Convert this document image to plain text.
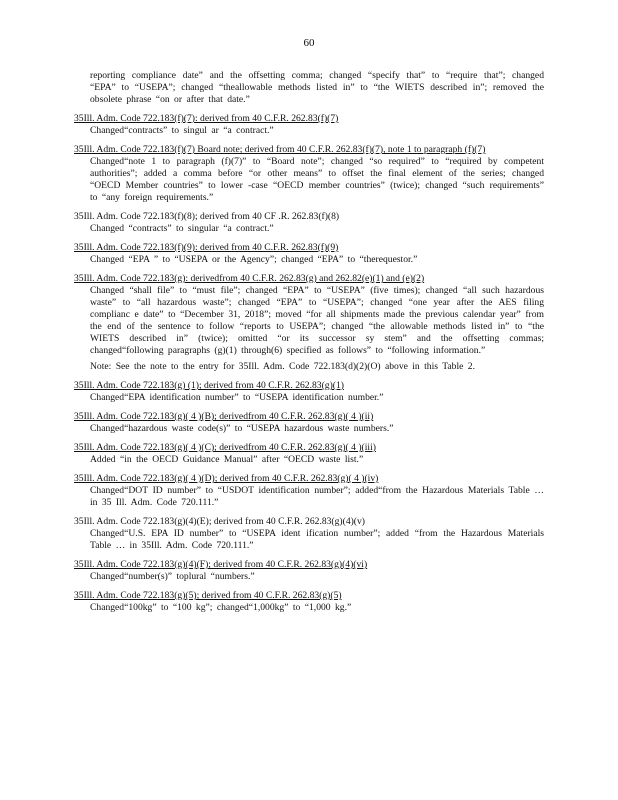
60
reporting compliance date” and the offsetting comma; changed “specify that” to “require that”; changed “EPA” to “USEPA”; changed “theallowable methods listed in” to “the WIETS described in”; removed the obsolete phrase “on or after that date.”
35Ill. Adm. Code 722.183(f)(7): derived from 40 C.F.R. 262.83(f)(7)
Changed“contracts” to singul ar “a contract.”
35Ill. Adm. Code 722.183(f)(7) Board note; derived from 40 C.F.R. 262.83(f)(7), note 1 to paragraph (f)(7)
Changed“note 1 to paragraph (f)(7)” to “Board note”; changed “so required” to “required by competent authorities”; added a comma before “or other means” to offset the final element of the series; changed “OECD Member countries” to lower -case “OECD member countries” (twice); changed “such requirements” to “any foreign requirements.”
35Ill. Adm. Code 722.183(f)(8); derived from 40 CF .R. 262.83(f)(8)
Changed “contracts” to singular “a contract.”
35Ill. Adm. Code 722.183(f)(9): derived from 40 C.F.R. 262.83(f)(9)
Changed “EPA ” to “USEPA or the Agency”; changed “EPA” to “therequestor.”
35Ill. Adm. Code 722.183(g): derivedfrom 40 C.F.R. 262.83(g) and 262.82(e)(1) and (e)(2)
Changed “shall file” to “must file”; changed “EPA” to “USEPA” (five times); changed “all such hazardous waste” to “all hazardous waste”; changed “EPA” to “USEPA”; changed “one year after the AES filing complianc e date” to “December 31, 2018”; moved “for all shipments made the previous calendar year” from the end of the sentence to follow “reports to USEPA”; changed “the allowable methods listed in” to “the WIETS described in” (twice); omitted “or its successor sy stem” and the offsetting commas; changed“following paragraphs (g)(1) through(6) specified as follows” to “following information.”
Note: See the note to the entry for 35Ill. Adm. Code 722.183(d)(2)(O) above in this Table 2.
35Ill. Adm. Code 722.183(g) (1); derived from 40 C.F.R. 262.83(g)(1)
Changed“EPA identification number” to “USEPA identification number.”
35Ill. Adm. Code 722.183(g)( 4 )(B); derivedfrom 40 C.F.R. 262.83(g)( 4 )(ii)
Changed“hazardous waste code(s)” to “USEPA hazardous waste numbers.”
35Ill. Adm. Code 722.183(g)( 4 )(C); derivedfrom 40 C.F.R. 262.83(g)( 4 )(iii)
Added “in the OECD Guidance Manual” after “OECD waste list.”
35Ill. Adm. Code 722.183(g)( 4 )(D); derived from 40 C.F.R. 262.83(g)( 4 )(iv)
Changed“DOT ID number” to “USDOT identification number”; added“from the Hazardous Materials Table … in 35 Ill. Adm. Code 720.111.”
35Ill. Adm. Code 722.183(g)(4)(E); derived from 40 C.F.R. 262.83(g)(4)(v)
Changed“U.S. EPA ID number” to “USEPA ident ification number”; added “from the Hazardous Materials Table … in 35Ill. Adm. Code 720.111.”
35Ill. Adm. Code 722.183(g)(4)(F); derived from 40 C.F.R. 262.83(g)(4)(vi)
Changed“number(s)” toplural “numbers.”
35Ill. Adm. Code 722.183(g)(5); derived from 40 C.F.R. 262.83(g)(5)
Changed“100kg” to “100 kg”; changed“1,000kg” to “1,000 kg.”
